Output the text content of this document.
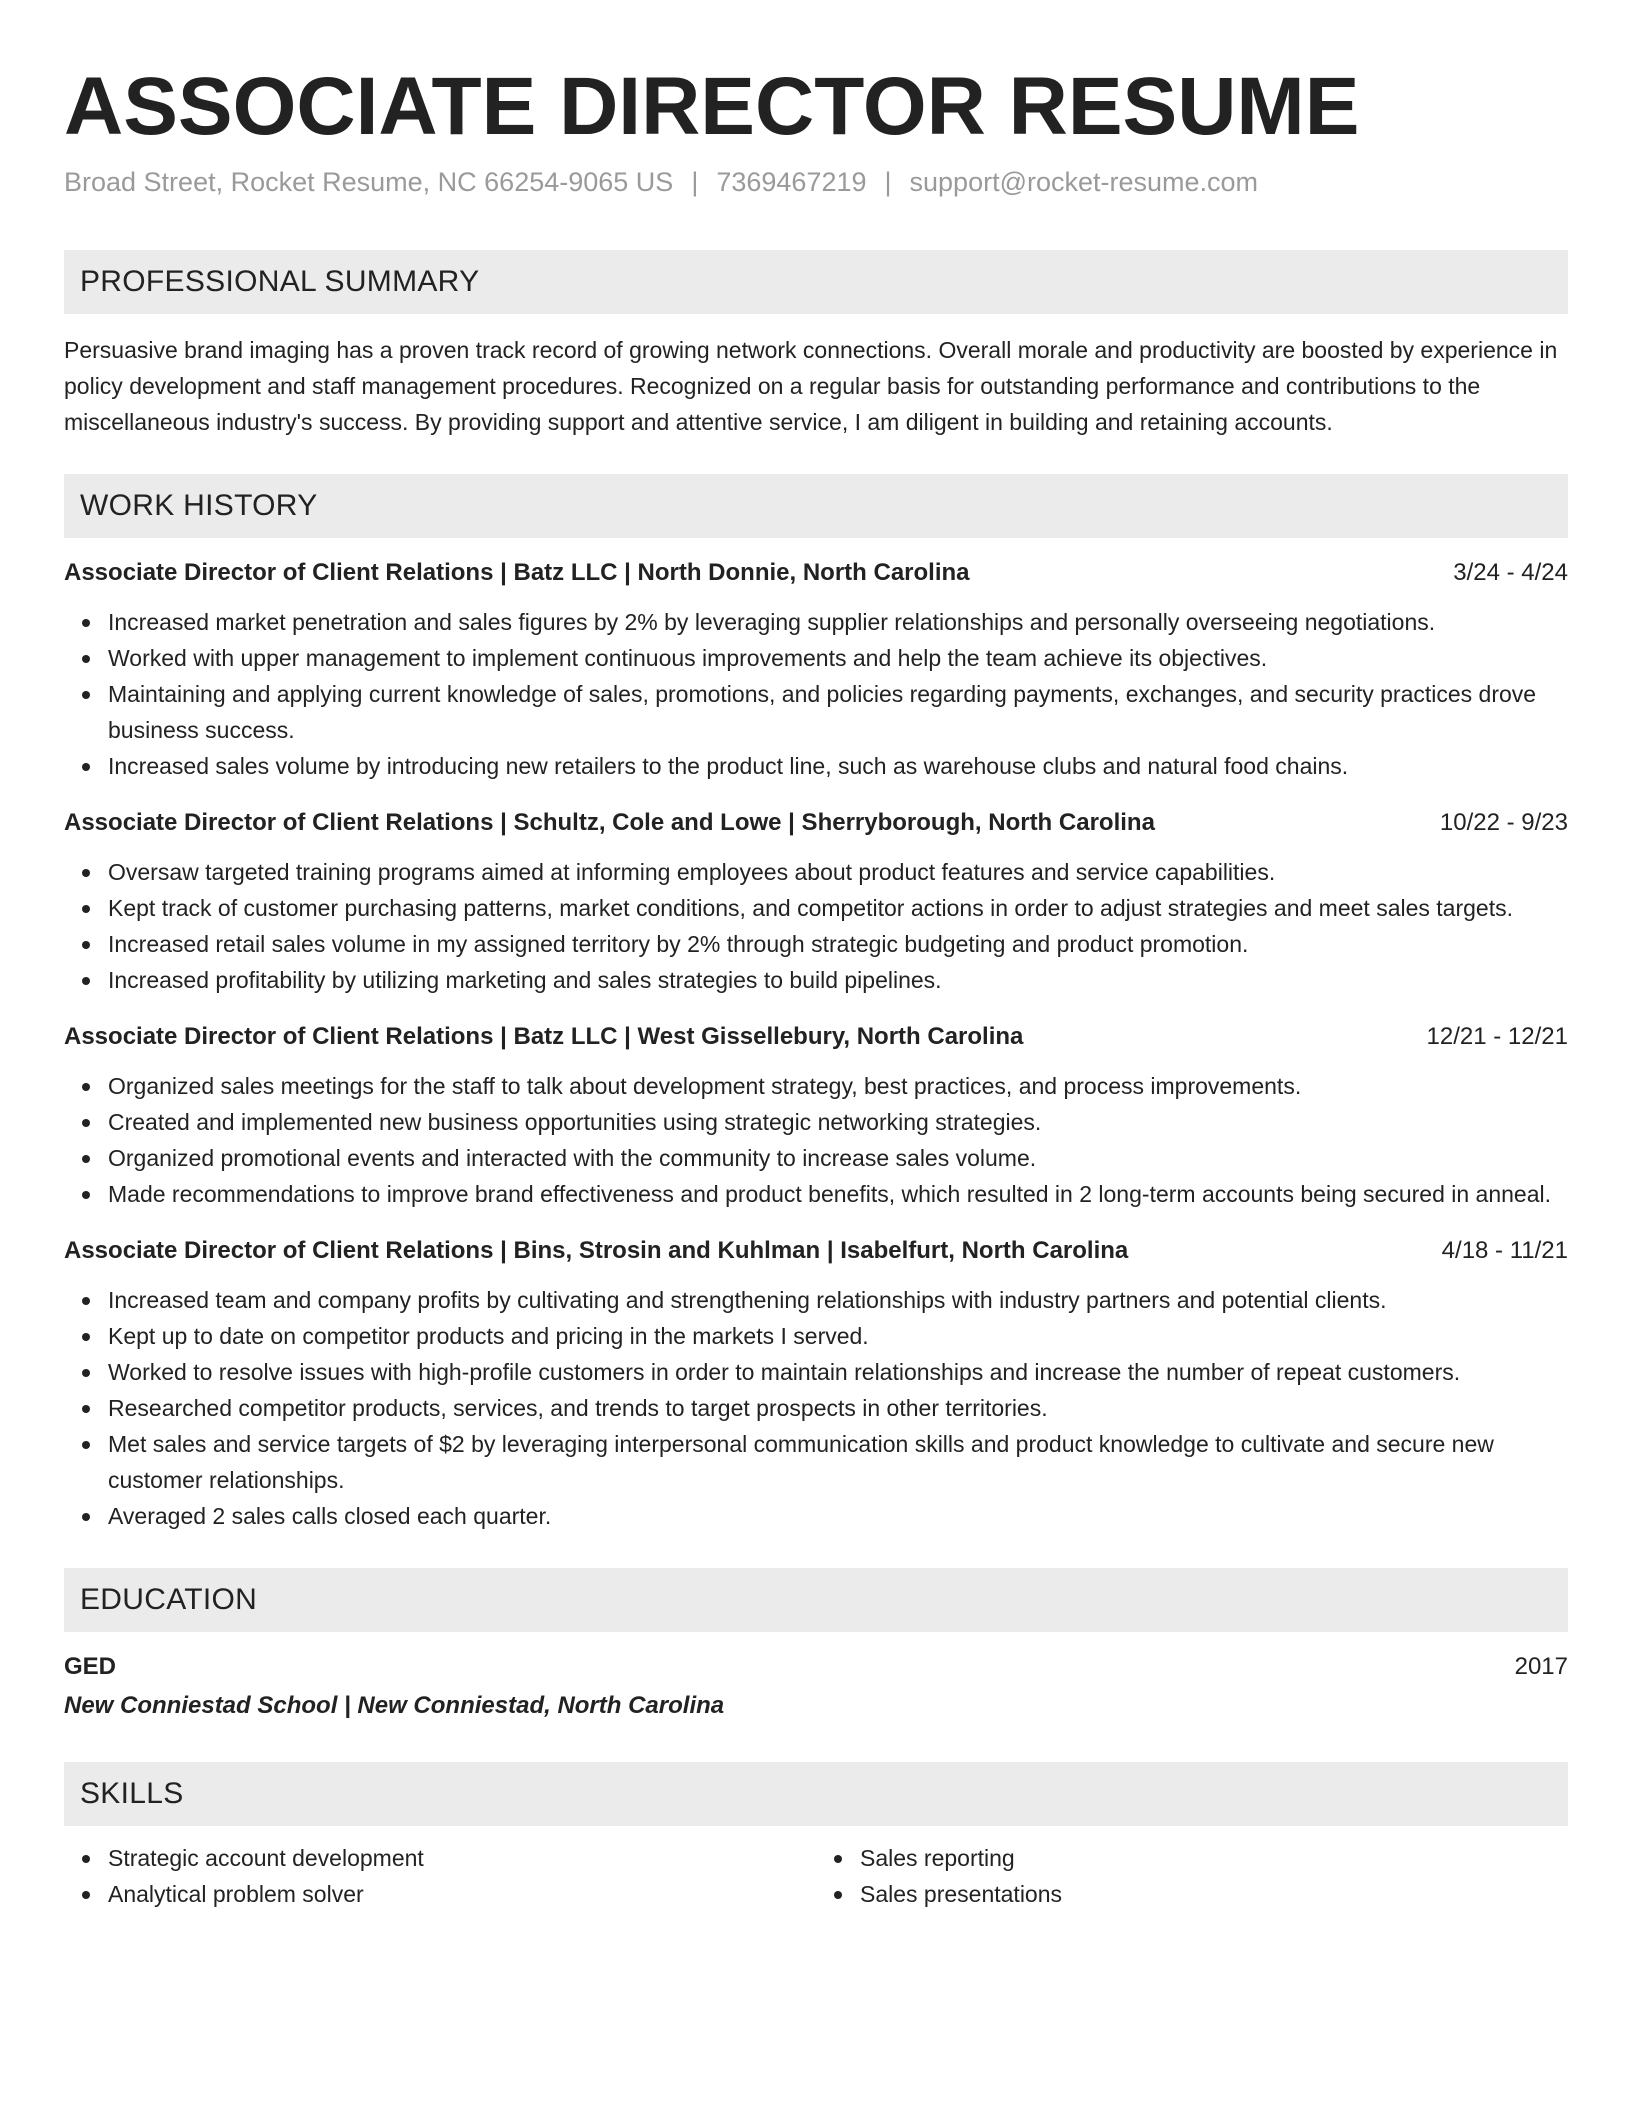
ASSOCIATE DIRECTOR RESUME
Broad Street, Rocket Resume, NC 66254-9065 US | 7369467219 | support@rocket-resume.com
PROFESSIONAL SUMMARY

Persuasive brand imaging has a proven track record of growing network connections. Overall morale and productivity are boosted by experience in policy development and staff management procedures. Recognized on a regular basis for outstanding performance and contributions to the miscellaneous industry's success. By providing support and attentive service, I am diligent in building and retaining accounts.

WORK HISTORY
Associate Director of Client Relations | Batz LLC | North Donnie, North Carolina	3/24 - 4/24
Increased market penetration and sales figures by 2% by leveraging supplier relationships and personally overseeing negotiations.
Worked with upper management to implement continuous improvements and help the team achieve its objectives.
Maintaining and applying current knowledge of sales, promotions, and policies regarding payments, exchanges, and security practices drove business success.
Increased sales volume by introducing new retailers to the product line, such as warehouse clubs and natural food chains.
Associate Director of Client Relations | Schultz, Cole and Lowe | Sherryborough, North Carolina	10/22 - 9/23
Oversaw targeted training programs aimed at informing employees about product features and service capabilities.
Kept track of customer purchasing patterns, market conditions, and competitor actions in order to adjust strategies and meet sales targets.
Increased retail sales volume in my assigned territory by 2% through strategic budgeting and product promotion.
Increased profitability by utilizing marketing and sales strategies to build pipelines.
Associate Director of Client Relations | Batz LLC | West Gissellebury, North Carolina	12/21 - 12/21
Organized sales meetings for the staff to talk about development strategy, best practices, and process improvements.
Created and implemented new business opportunities using strategic networking strategies.
Organized promotional events and interacted with the community to increase sales volume.
Made recommendations to improve brand effectiveness and product benefits, which resulted in 2 long-term accounts being secured in anneal.
Associate Director of Client Relations | Bins, Strosin and Kuhlman | Isabelfurt, North Carolina	4/18 - 11/21
Increased team and company profits by cultivating and strengthening relationships with industry partners and potential clients.
Kept up to date on competitor products and pricing in the markets I served.
Worked to resolve issues with high-profile customers in order to maintain relationships and increase the number of repeat customers.
Researched competitor products, services, and trends to target prospects in other territories.
Met sales and service targets of $2 by leveraging interpersonal communication skills and product knowledge to cultivate and secure new customer relationships.
Averaged 2 sales calls closed each quarter.
EDUCATION
GED	2017
New Conniestad School | New Conniestad, North Carolina
SKILLS
Strategic account development
Analytical problem solver
Sales reporting
Sales presentations
